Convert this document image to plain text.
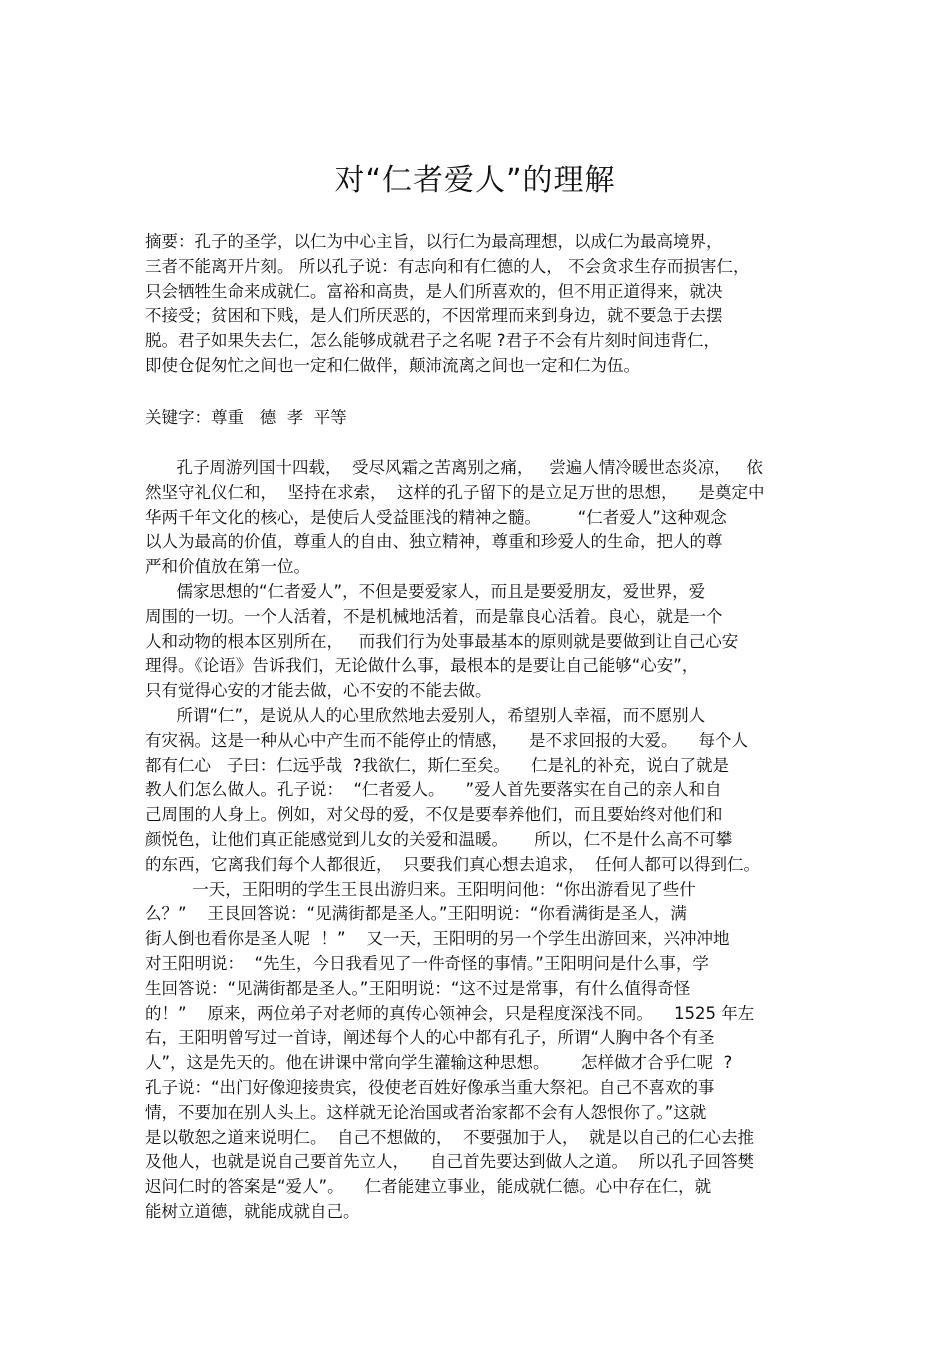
对“仁者爱人”的理解
摘要：孔子的圣学，以仁为中心主旨，以行仁为最高理想，以成仁为最高境界，
三者不能离开片刻。 所以孔子说：有志向和有仁德的人， 不会贪求生存而损害仁，
只会牺牲生命来成就仁。富裕和高贵，是人们所喜欢的，但不用正道得来，就决
不接受；贫困和下贱，是人们所厌恶的，不因常理而来到身边，就不要急于去摆
脱。君子如果失去仁，怎么能够成就君子之名呢 ?君子不会有片刻时间违背仁，
即使仓促匆忙之间也一定和仁做伴，颠沛流离之间也一定和仁为伍。
关键字：尊重   德  孝  平等
孔子周游列国十四载，  受尽风霜之苦离别之痛，   尝遍人情冷暖世态炎凉，   依
然坚守礼仪仁和，  坚持在求索，  这样的孔子留下的是立足万世的思想，    是奠定中
华两千年文化的核心，是使后人受益匪浅的精神之髓。       “仁者爱人”这种观念
以人为最高的价值，尊重人的自由、独立精神，尊重和珍爱人的生命，把人的尊
严和价值放在第一位。
儒家思想的“仁者爱人”，不但是要爱家人，而且是要爱朋友，爱世界，爱
周围的一切。一个人活着，不是机械地活着，而是靠良心活着。良心，就是一个
人和动物的根本区别所在，   而我们行为处事最基本的原则就是要做到让自己心安
理得。《论语》告诉我们，无论做什么事，最根本的是要让自己能够“心安”，
只有觉得心安的才能去做，心不安的不能去做。
所谓“仁”，是说从人的心里欣然地去爱别人，希望别人幸福，而不愿别人
有灾祸。这是一种从心中产生而不能停止的情感，    是不求回报的大爱。    每个人
都有仁心   子曰：仁远乎哉  ?我欲仁，斯仁至矣。    仁是礼的补充，说白了就是
教人们怎么做人。孔子说：  “仁者爱人。    ”爱人首先要落实在自己的亲人和自
己周围的人身上。例如，对父母的爱，不仅是要奉养他们，而且要始终对他们和
颜悦色，让他们真正能感觉到儿女的关爱和温暖。     所以，仁不是什么高不可攀
的东西，它离我们每个人都很近，  只要我们真心想去追求，  任何人都可以得到仁。
一天，王阳明的学生王艮出游归来。王阳明问他：“你出游看见了些什
么？”    王艮回答说：“见满街都是圣人。”王阳明说：“你看满街是圣人，满
街人倒也看你是圣人呢  ！”    又一天，王阳明的另一个学生出游回来，兴冲冲地
对王阳明说：  “先生，今日我看见了一件奇怪的事情。”王阳明问是什么事，学
生回答说：“见满街都是圣人。”王阳明说：“这不过是常事，有什么值得奇怪
的！”    原来，两位弟子对老师的真传心领神会，只是程度深浅不同。    1525 年左
右，王阳明曾写过一首诗，阐述每个人的心中都有孔子，所谓“人胸中各个有圣
人”，这是先天的。他在讲课中常向学生灌输这种思想。      怎样做才合乎仁呢  ?
孔子说：“出门好像迎接贵宾，役使老百姓好像承当重大祭祀。自己不喜欢的事
情，不要加在别人头上。这样就无论治国或者治家都不会有人怨恨你了。”这就
是以敬恕之道来说明仁。  自己不想做的，  不要强加于人，  就是以自己的仁心去推
及他人，也就是说自己要首先立人，    自己首先要达到做人之道。  所以孔子回答樊
迟问仁时的答案是“爱人”。    仁者能建立事业，能成就仁德。心中存在仁，就
能树立道德，就能成就自己。
